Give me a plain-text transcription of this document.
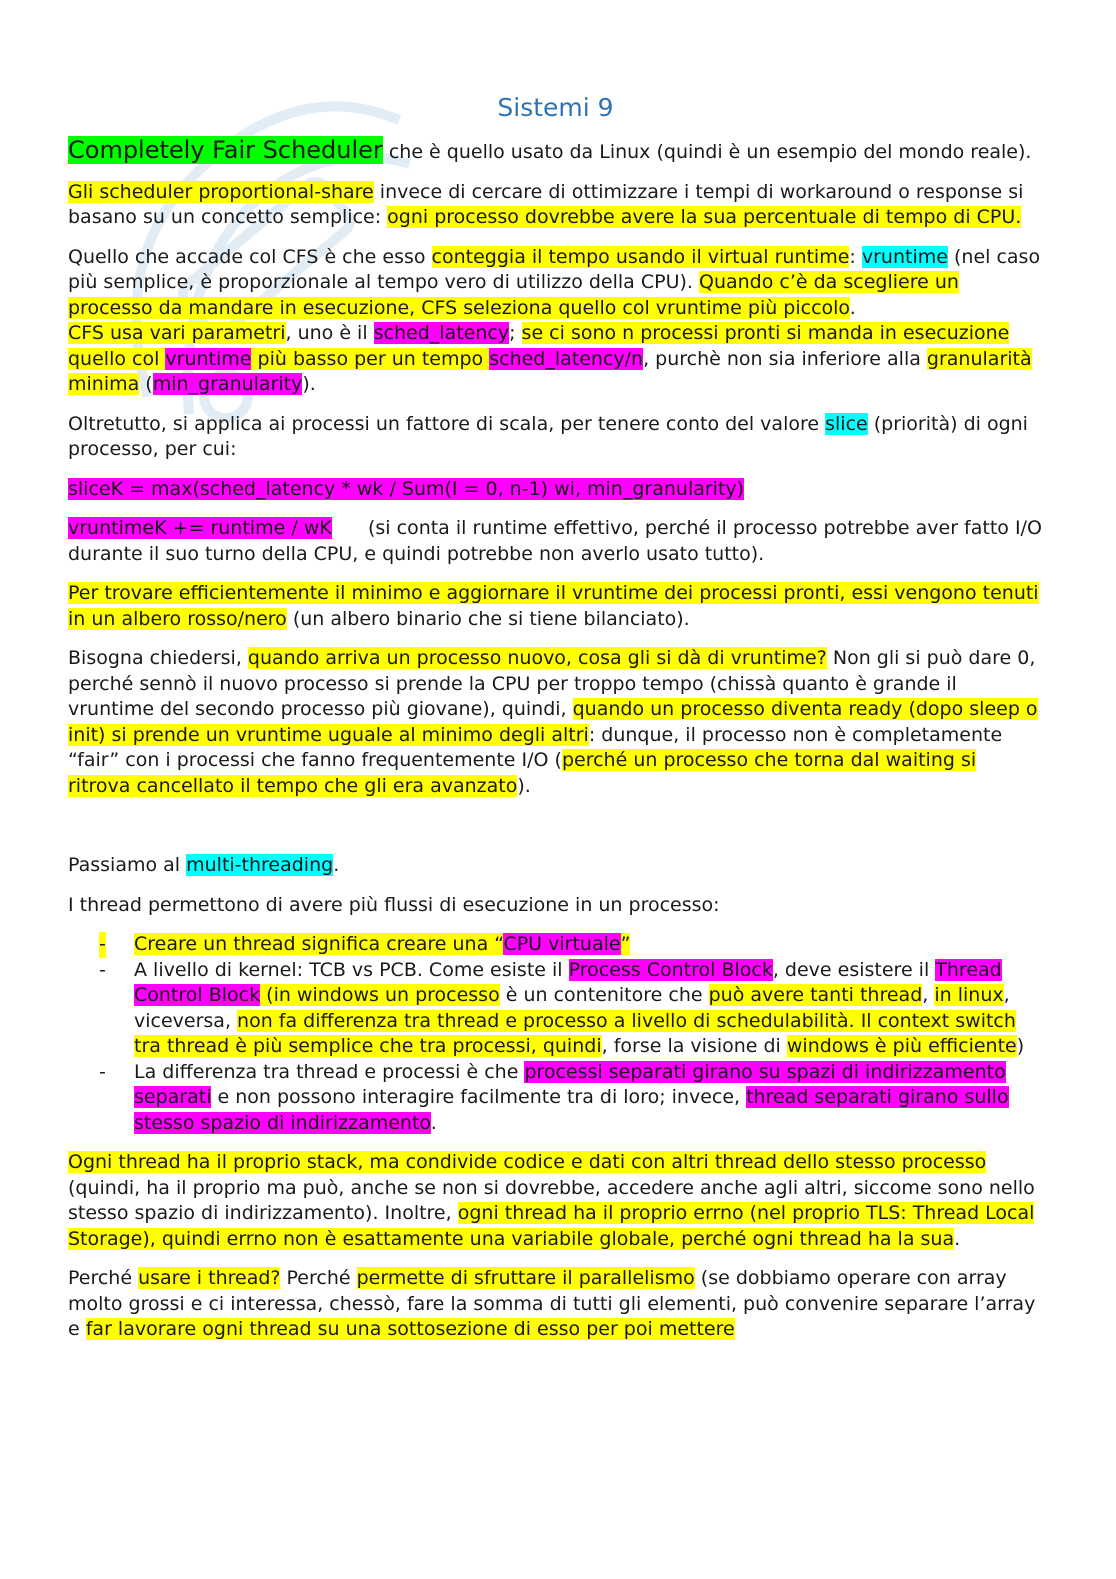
Sistemi 9

Completely Fair Scheduler che è quello usato da Linux (quindi è un esempio del mondo reale).

Gli scheduler proportional-share invece di cercare di ottimizzare i tempi di workaround o response si basano su un concetto semplice: ogni processo dovrebbe avere la sua percentuale di tempo di CPU.

Quello che accade col CFS è che esso conteggia il tempo usando il virtual runtime: vruntime (nel caso più semplice, è proporzionale al tempo vero di utilizzo della CPU). Quando c’è da scegliere un processo da mandare in esecuzione, CFS seleziona quello col vruntime più piccolo.
CFS usa vari parametri, uno è il sched_latency; se ci sono n processi pronti si manda in esecuzione quello col vruntime più basso per un tempo sched_latency/n, purchè non sia inferiore alla granularità minima (min_granularity).

Oltretutto, si applica ai processi un fattore di scala, per tenere conto del valore slice (priorità) di ogni processo, per cui:

sliceK = max(sched_latency * wk / Sum(I = 0, n-1) wi, min_granularity)

vruntimeK += runtime / wK      (si conta il runtime effettivo, perché il processo potrebbe aver fatto I/O durante il suo turno della CPU, e quindi potrebbe non averlo usato tutto).

Per trovare efficientemente il minimo e aggiornare il vruntime dei processi pronti, essi vengono tenuti in un albero rosso/nero (un albero binario che si tiene bilanciato).

Bisogna chiedersi, quando arriva un processo nuovo, cosa gli si dà di vruntime? Non gli si può dare 0, perché sennò il nuovo processo si prende la CPU per troppo tempo (chissà quanto è grande il vruntime del secondo processo più giovane), quindi, quando un processo diventa ready (dopo sleep o init) si prende un vruntime uguale al minimo degli altri: dunque, il processo non è completamente “fair” con i processi che fanno frequentemente I/O (perché un processo che torna dal waiting si ritrova cancellato il tempo che gli era avanzato).

Passiamo al multi-threading.

I thread permettono di avere più flussi di esecuzione in un processo:

- Creare un thread significa creare una “CPU virtuale”
- A livello di kernel: TCB vs PCB. Come esiste il Process Control Block, deve esistere il Thread Control Block (in windows un processo è un contenitore che può avere tanti thread, in linux, viceversa, non fa differenza tra thread e processo a livello di schedulabilità. Il context switch tra thread è più semplice che tra processi, quindi, forse la visione di windows è più efficiente)
- La differenza tra thread e processi è che processi separati girano su spazi di indirizzamento separati e non possono interagire facilmente tra di loro; invece, thread separati girano sullo stesso spazio di indirizzamento.

Ogni thread ha il proprio stack, ma condivide codice e dati con altri thread dello stesso processo (quindi, ha il proprio ma può, anche se non si dovrebbe, accedere anche agli altri, siccome sono nello stesso spazio di indirizzamento). Inoltre, ogni thread ha il proprio errno (nel proprio TLS: Thread Local Storage), quindi errno non è esattamente una variabile globale, perché ogni thread ha la sua.

Perché usare i thread? Perché permette di sfruttare il parallelismo (se dobbiamo operare con array molto grossi e ci interessa, chessò, fare la somma di tutti gli elementi, può convenire separare l’array e far lavorare ogni thread su una sottosezione di esso per poi mettere
